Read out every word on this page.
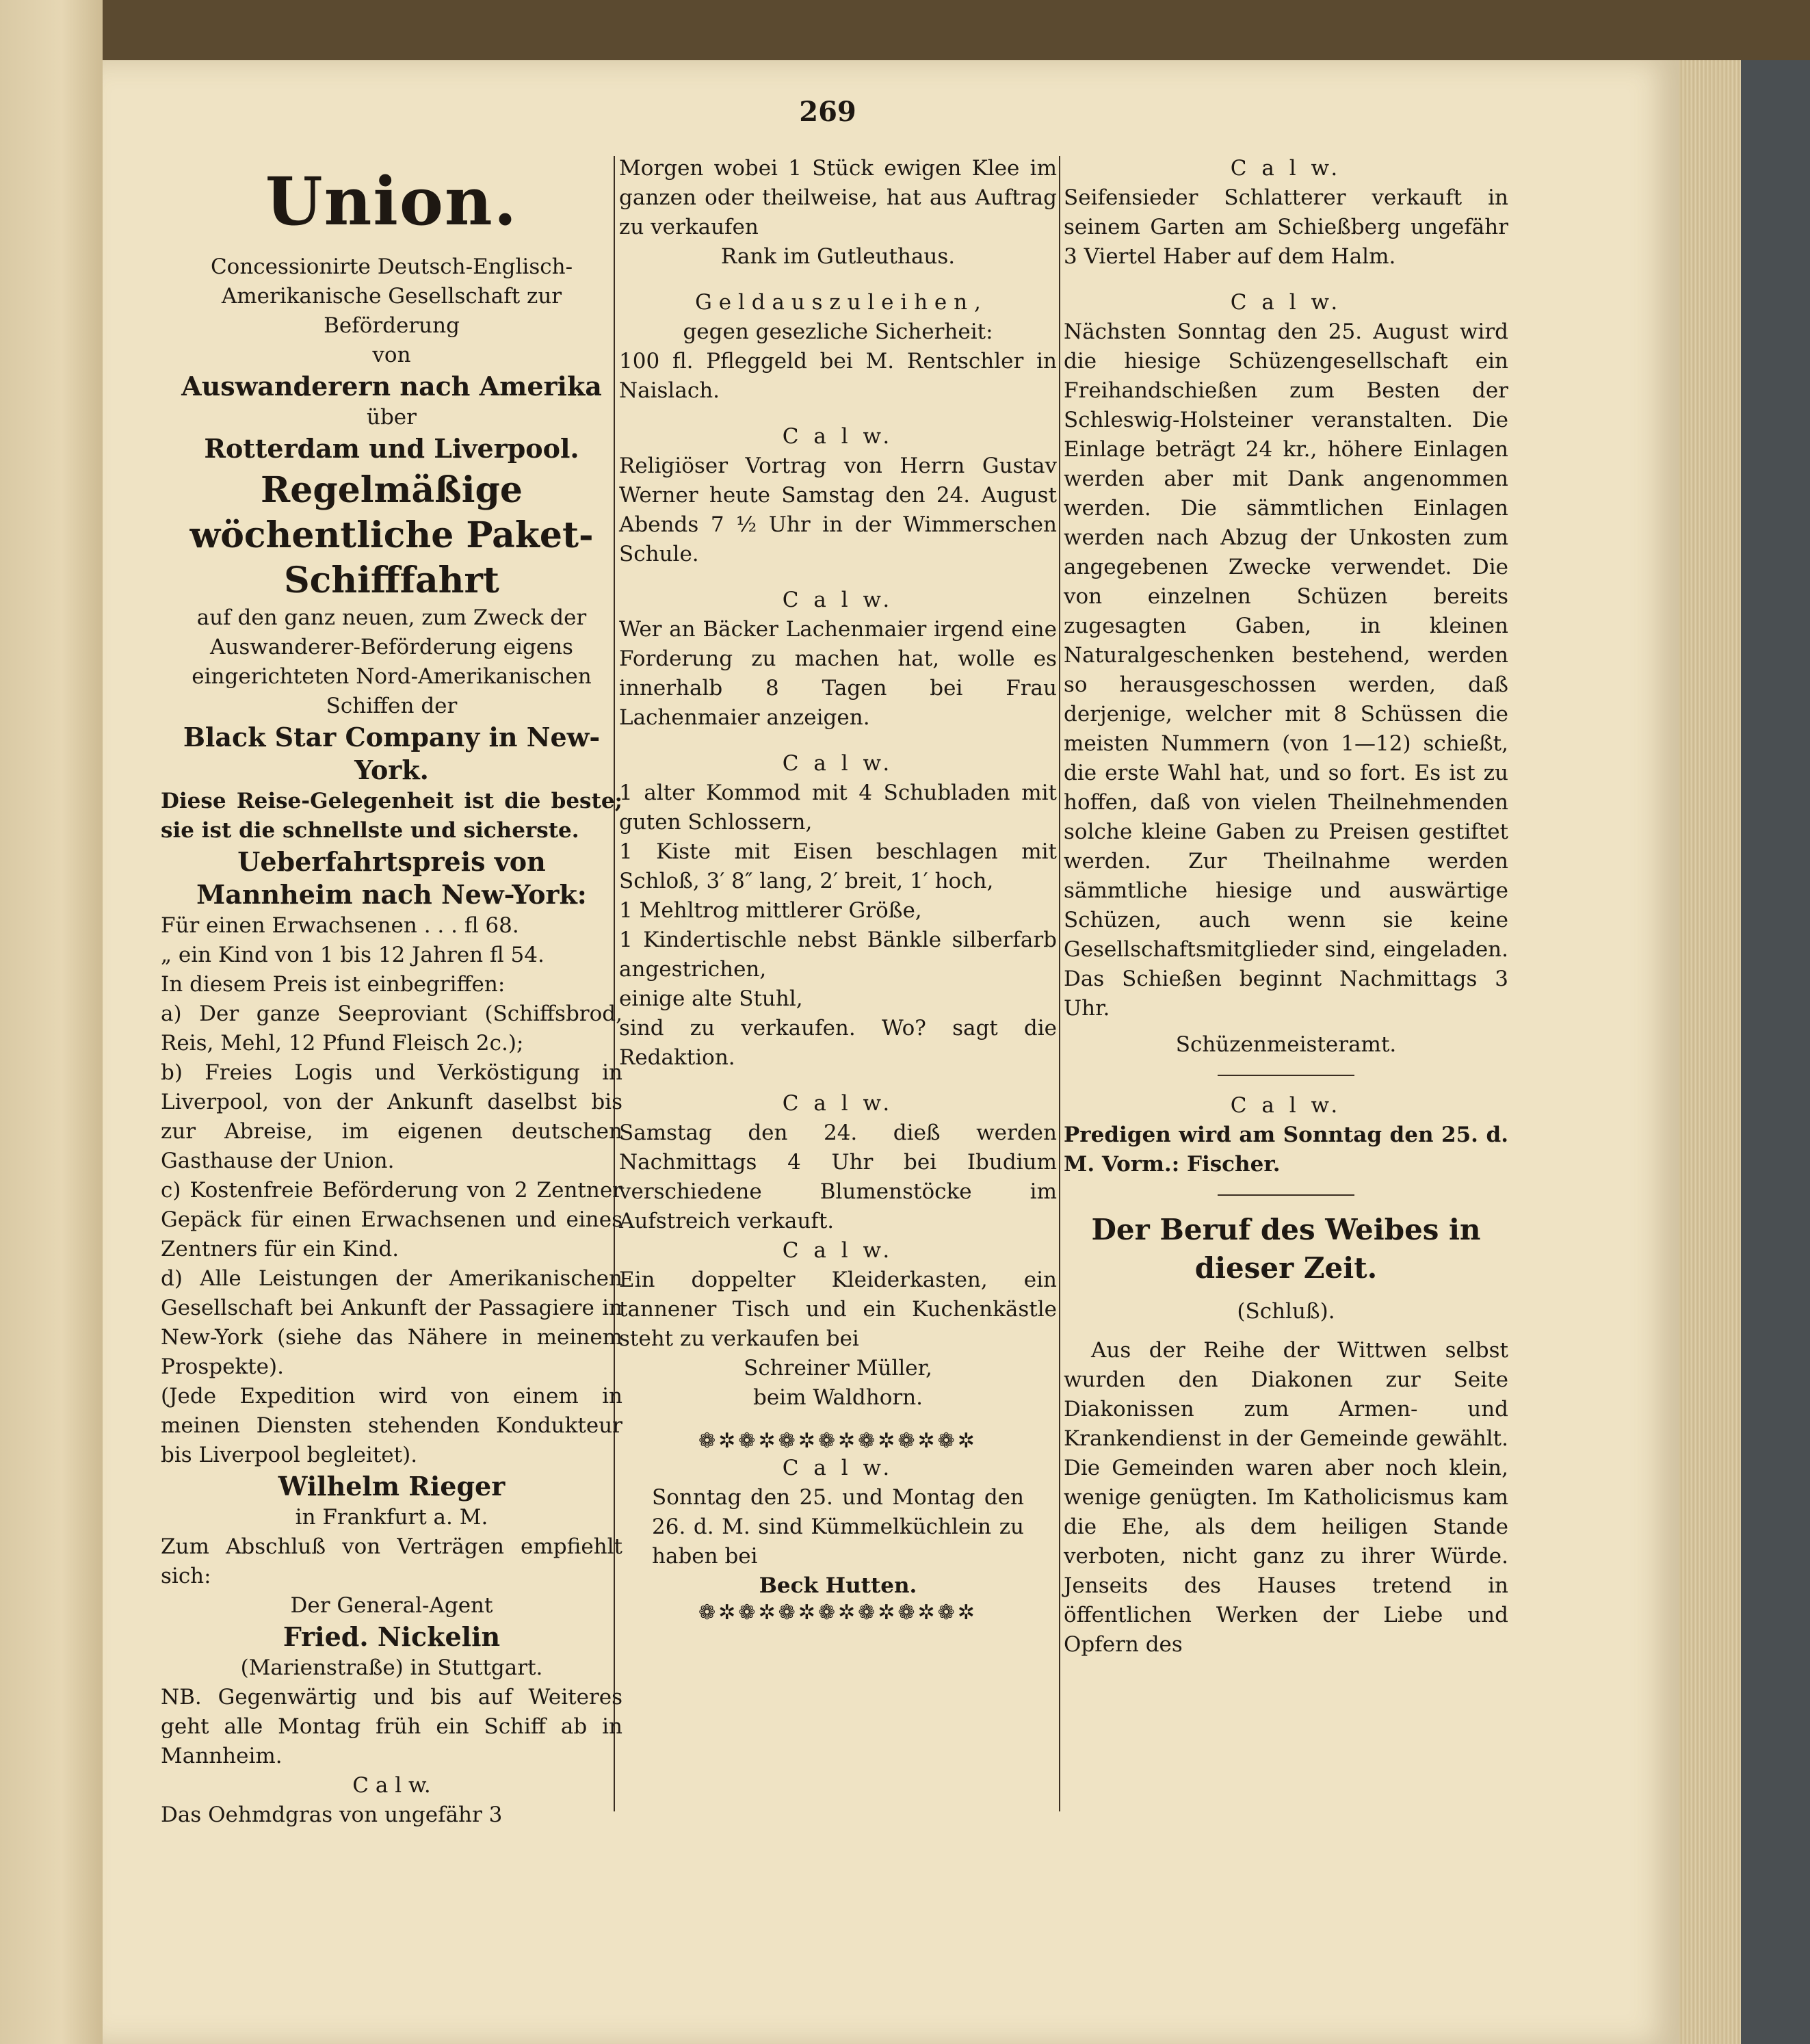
269

Union.

Concessionirte Deutsch-Englisch-Amerikanische Gesellschaft zur Beförderung

von

Auswanderern nach Amerika

über

Rotterdam und Liverpool.

Regelmäßige wöchentliche Paket-Schifffahrt

auf den ganz neuen, zum Zweck der Auswanderer-Beförderung eigens eingerichteten Nord-Amerikanischen Schiffen der

Black Star Company in New-York.

Diese Reise-Gelegenheit ist die beste; sie ist die schnellste und sicherste.

Ueberfahrtspreis von Mannheim nach New-York:

Für einen Erwachsenen . . . fl 68.

„ ein Kind von 1 bis 12 Jahren fl 54.

In diesem Preis ist einbegriffen:

a) Der ganze Seeproviant (Schiffsbrod, Reis, Mehl, 12 Pfund Fleisch 2c.);

b) Freies Logis und Verköstigung in Liverpool, von der Ankunft daselbst bis zur Abreise, im eigenen deutschen Gasthause der Union.

c) Kostenfreie Beförderung von 2 Zentner Gepäck für einen Erwachsenen und eines Zentners für ein Kind.

d) Alle Leistungen der Amerikanischen Gesellschaft bei Ankunft der Passagiere in New-York (siehe das Nähere in meinem Prospekte).

(Jede Expedition wird von einem in meinen Diensten stehenden Kondukteur bis Liverpool begleitet).

Wilhelm Rieger

in Frankfurt a. M.

Zum Abschluß von Verträgen empfiehlt sich:

Der General-Agent

Fried. Nickelin

(Marienstraße) in Stuttgart.

NB. Gegenwärtig und bis auf Weiteres geht alle Montag früh ein Schiff ab in Mannheim.

C a l w.

Das Oehmdgras von ungefähr 3

Morgen wobei 1 Stück ewigen Klee im ganzen oder theilweise, hat aus Auftrag zu verkaufen

Rank im Gutleuthaus.

G e l d a u s z u l e i h e n ,

gegen gesezliche Sicherheit:

100 fl. Pfleggeld bei M. Rentschler in Naislach.

C a l w.

Religiöser Vortrag von Herrn Gustav Werner heute Samstag den 24. August Abends 7 ½ Uhr in der Wimmerschen Schule.

C a l w.

Wer an Bäcker Lachenmaier irgend eine Forderung zu machen hat, wolle es innerhalb 8 Tagen bei Frau Lachenmaier anzeigen.

C a l w.

1 alter Kommod mit 4 Schubladen mit guten Schlossern,

1 Kiste mit Eisen beschlagen mit Schloß, 3′ 8″ lang, 2′ breit, 1′ hoch,

1 Mehltrog mittlerer Größe,

1 Kindertischle nebst Bänkle silberfarb angestrichen,

einige alte Stuhl,

sind zu verkaufen. Wo? sagt die Redaktion.

C a l w.

Samstag den 24. dieß werden Nachmittags 4 Uhr bei Ibudium verschiedene Blumenstöcke im Aufstreich verkauft.

C a l w.

Ein doppelter Kleiderkasten, ein tannener Tisch und ein Kuchenkästle steht zu verkaufen bei

Schreiner Müller,

beim Waldhorn.

❁✲❁✲❁✲❁✲❁✲❁✲❁✲

C a l w.

Sonntag den 25. und Montag den 26. d. M. sind Kümmelküchlein zu haben bei

Beck Hutten.

❁✲❁✲❁✲❁✲❁✲❁✲❁✲

C a l w.

Seifensieder Schlatterer verkauft in seinem Garten am Schießberg ungefähr 3 Viertel Haber auf dem Halm.

C a l w.

Nächsten Sonntag den 25. August wird die hiesige Schüzengesellschaft ein Freihandschießen zum Besten der Schleswig-Holsteiner veranstalten. Die Einlage beträgt 24 kr., höhere Einlagen werden aber mit Dank angenommen werden. Die sämmtlichen Einlagen werden nach Abzug der Unkosten zum angegebenen Zwecke verwendet. Die von einzelnen Schüzen bereits zugesagten Gaben, in kleinen Naturalgeschenken bestehend, werden so herausgeschossen werden, daß derjenige, welcher mit 8 Schüssen die meisten Nummern (von 1—12) schießt, die erste Wahl hat, und so fort. Es ist zu hoffen, daß von vielen Theilnehmenden solche kleine Gaben zu Preisen gestiftet werden. Zur Theilnahme werden sämmtliche hiesige und auswärtige Schüzen, auch wenn sie keine Gesellschaftsmitglieder sind, eingeladen. Das Schießen beginnt Nachmittags 3 Uhr.

Schüzenmeisteramt.

C a l w.

Predigen wird am Sonntag den 25. d. M. Vorm.: Fischer.

Der Beruf des Weibes in dieser Zeit.

(Schluß).

Aus der Reihe der Wittwen selbst wurden den Diakonen zur Seite Diakonissen zum Armen- und Krankendienst in der Gemeinde gewählt. Die Gemeinden waren aber noch klein, wenige genügten. Im Katholicismus kam die Ehe, als dem heiligen Stande verboten, nicht ganz zu ihrer Würde. Jenseits des Hauses tretend in öffentlichen Werken der Liebe und Opfern des
